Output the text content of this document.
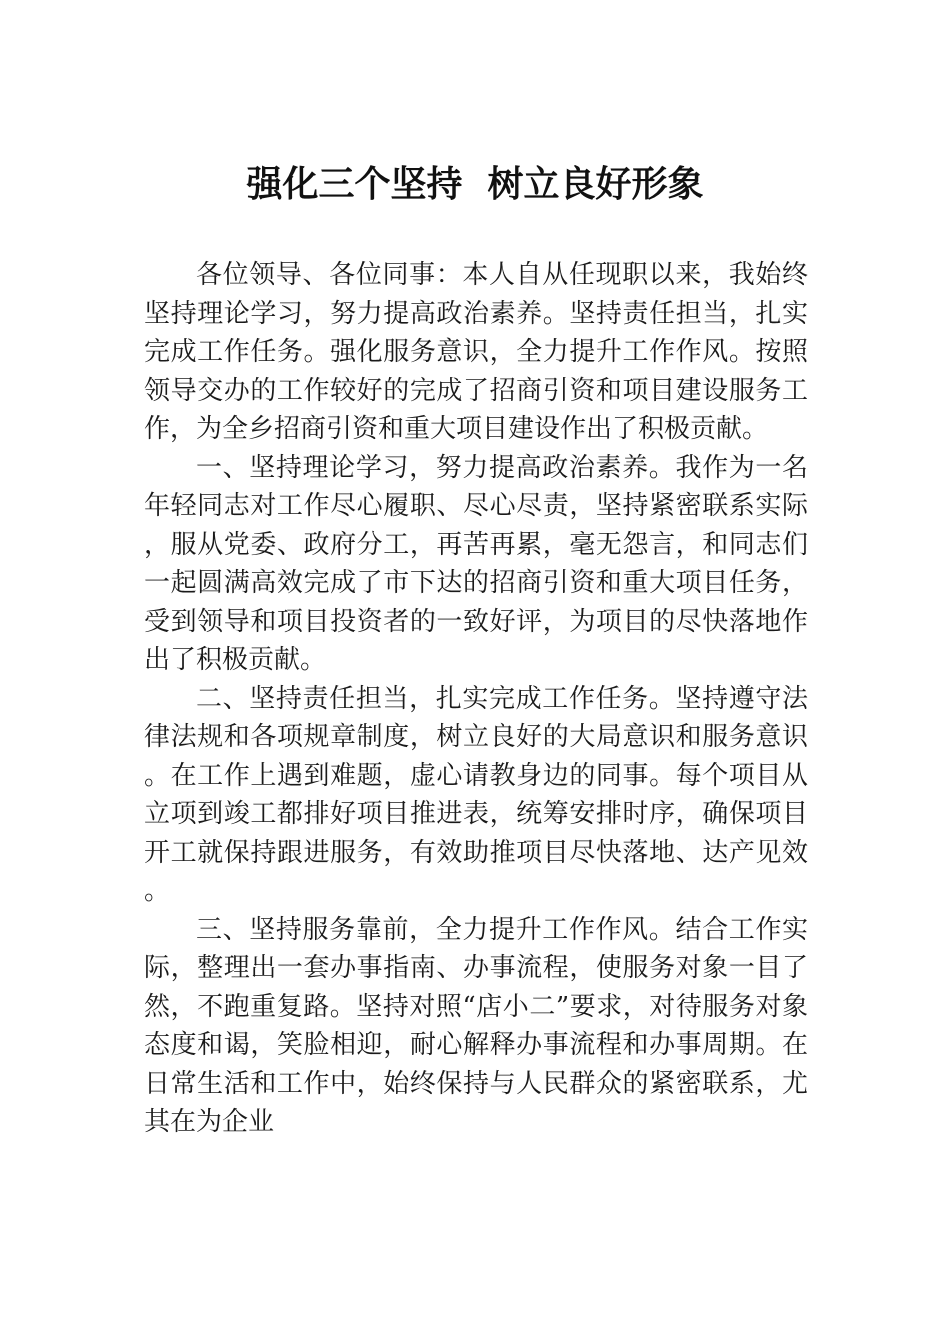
强化三个坚持  树立良好形象

各位领导、各位同事：本人自从任现职以来，我始终坚持理论学习，努力提高政治素养。坚持责任担当，扎实完成工作任务。强化服务意识，全力提升工作作风。按照领导交办的工作较好的完成了招商引资和项目建设服务工作，为全乡招商引资和重大项目建设作出了积极贡献。

一、坚持理论学习，努力提高政治素养。我作为一名年轻同志对工作尽心履职、尽心尽责，坚持紧密联系实际，服从党委、政府分工，再苦再累，毫无怨言，和同志们一起圆满高效完成了市下达的招商引资和重大项目任务，受到领导和项目投资者的一致好评，为项目的尽快落地作出了积极贡献。

二、坚持责任担当，扎实完成工作任务。坚持遵守法律法规和各项规章制度，树立良好的大局意识和服务意识。在工作上遇到难题，虚心请教身边的同事。每个项目从立项到竣工都排好项目推进表，统筹安排时序，确保项目开工就保持跟进服务，有效助推项目尽快落地、达产见效。

三、坚持服务靠前，全力提升工作作风。结合工作实际，整理出一套办事指南、办事流程，使服务对象一目了然，不跑重复路。坚持对照“店小二”要求，对待服务对象态度和谒，笑脸相迎，耐心解释办事流程和办事周期。在日常生活和工作中，始终保持与人民群众的紧密联系，尤其在为企业
